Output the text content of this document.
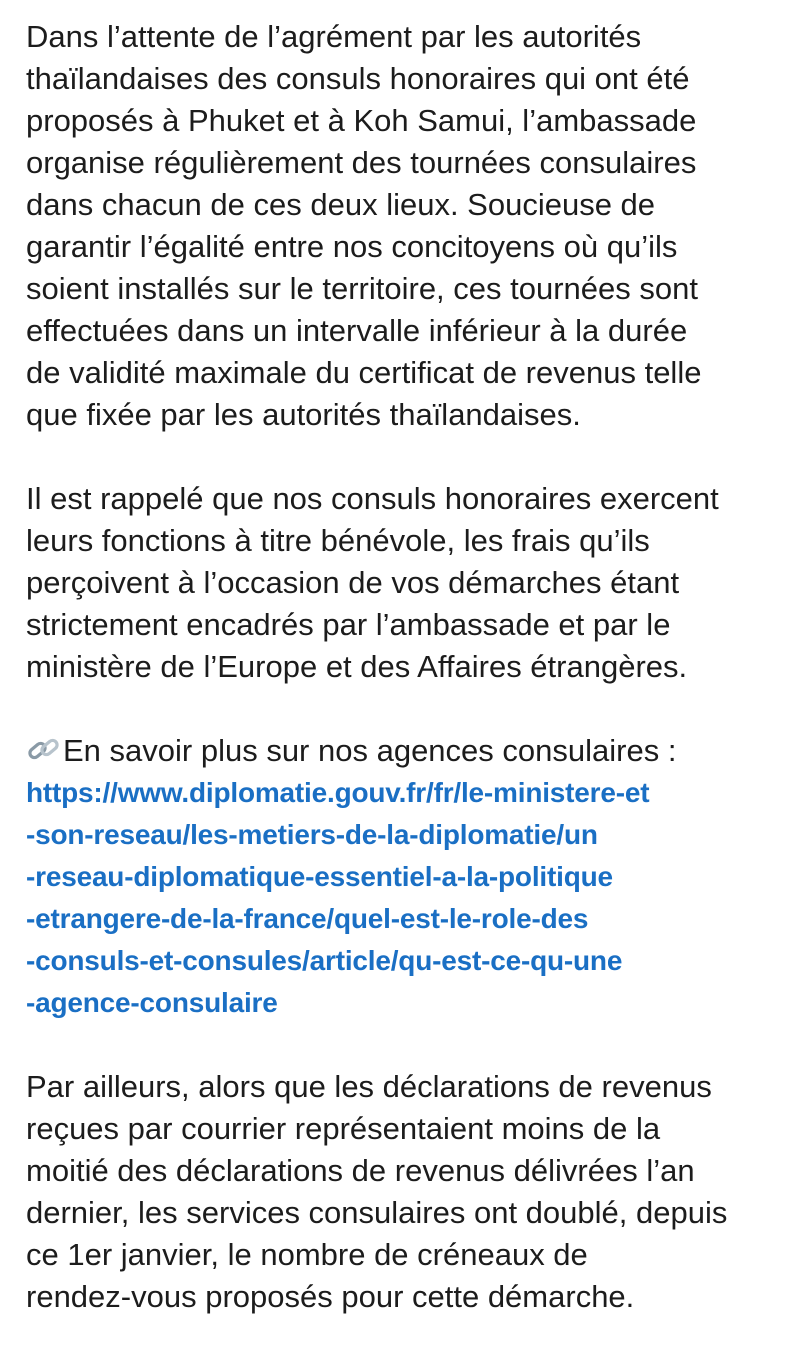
Dans l’attente de l’agrément par les autorités
thaïlandaises des consuls honoraires qui ont été
proposés à Phuket et à Koh Samui, l’ambassade
organise régulièrement des tournées consulaires
dans chacun de ces deux lieux. Soucieuse de
garantir l’égalité entre nos concitoyens où qu’ils
soient installés sur le territoire, ces tournées sont
effectuées dans un intervalle inférieur à la durée
de validité maximale du certificat de revenus telle
que fixée par les autorités thaïlandaises.

Il est rappelé que nos consuls honoraires exercent
leurs fonctions à titre bénévole, les frais qu’ils
perçoivent à l’occasion de vos démarches étant
strictement encadrés par l’ambassade et par le
ministère de l’Europe et des Affaires étrangères.

En savoir plus sur nos agences consulaires :
https://www.diplomatie.gouv.fr/fr/le-ministere-et
-son-reseau/les-metiers-de-la-diplomatie/un
-reseau-diplomatique-essentiel-a-la-politique
-etrangere-de-la-france/quel-est-le-role-des
-consuls-et-consules/article/qu-est-ce-qu-une
-agence-consulaire

Par ailleurs, alors que les déclarations de revenus
reçues par courrier représentaient moins de la
moitié des déclarations de revenus délivrées l’an
dernier, les services consulaires ont doublé, depuis
ce 1er janvier, le nombre de créneaux de
rendez-vous proposés pour cette démarche.
